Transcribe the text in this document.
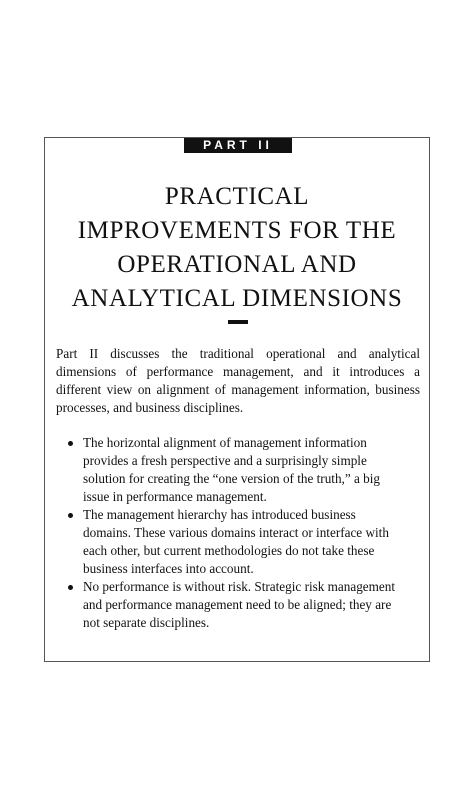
PART II
PRACTICAL
IMPROVEMENTS FOR THE
OPERATIONAL AND
ANALYTICAL DIMENSIONS

Part II discusses the traditional operational and analytical dimensions of performance management, and it introduces a different view on alignment of management information, business processes, and business disciplines.

The horizontal alignment of management information provides a fresh perspective and a surprisingly simple solution for creating the “one version of the truth,” a big issue in performance management.
The management hierarchy has introduced business domains. These various domains interact or interface with each other, but current methodologies do not take these business interfaces into account.
No performance is without risk. Strategic risk management and performance management need to be aligned; they are not separate disciplines.
